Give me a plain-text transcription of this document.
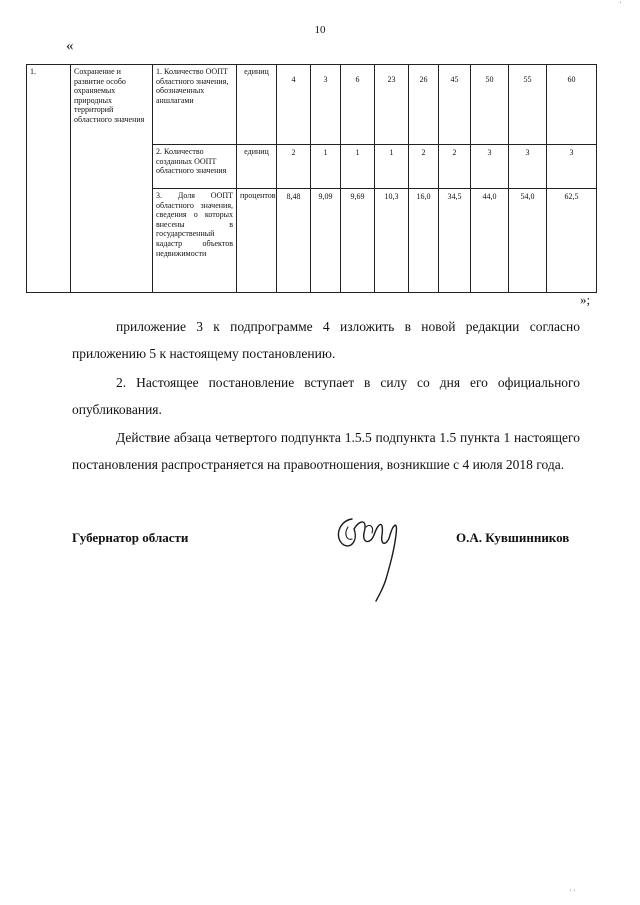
'
10
«
1.	Сохранение и развитие особо охраняемых природных территорий областного значения	1. Количество ООПТ областного значения, обозначенных аншлагами	единиц	4	3	6	23	26	45	50	55	60
		2. Количество созданных ООПТ областного значения	единиц	2	1	1	1	2	2	3	3	3
		3. Доля ООПТ областного значения, сведения о которых внесены в государственный кадастр объектов недвижимости	процентов	8,48	9,09	9,69	10,3	16,0	34,5	44,0	54,0	62,5
»;
приложение 3 к подпрограмме 4 изложить в новой редакции согласно приложению 5 к настоящему постановлению.
2. Настоящее постановление вступает в силу со дня его официального опубликования.
Действие абзаца четвертого подпункта 1.5.5 подпункта 1.5 пункта 1 настоящего постановления распространяется на правоотношения, возникшие с 4 июля 2018 года.
Губернатор области	О.А. Кувшинников
' '
